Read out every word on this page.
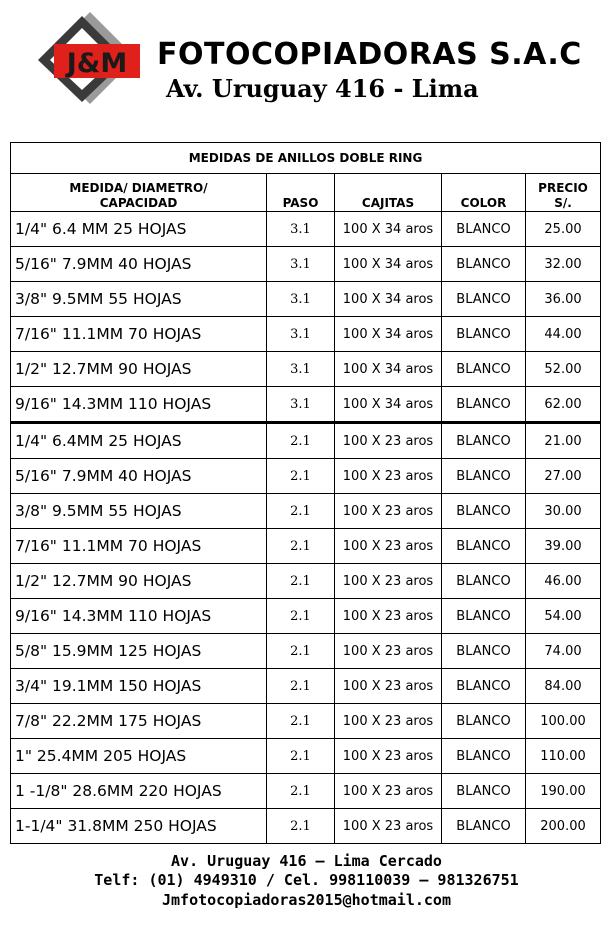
J&M FOTOCOPIADORAS S.A.C
Av. Uruguay 416 - Lima
MEDIDAS DE ANILLOS DOBLE RING				
MEDIDA/ DIAMETRO/
CAPACIDAD	PASO	CAJITAS	COLOR	PRECIO
S/.
1/4" 6.4 MM 25 HOJAS	3.1	100 X 34 aros	BLANCO	25.00
5/16" 7.9MM 40 HOJAS	3.1	100 X 34 aros	BLANCO	32.00
3/8" 9.5MM 55 HOJAS	3.1	100 X 34 aros	BLANCO	36.00
7/16" 11.1MM 70 HOJAS	3.1	100 X 34 aros	BLANCO	44.00
1/2" 12.7MM 90 HOJAS	3.1	100 X 34 aros	BLANCO	52.00
9/16" 14.3MM 110 HOJAS	3.1	100 X 34 aros	BLANCO	62.00
1/4" 6.4MM 25 HOJAS	2.1	100 X 23 aros	BLANCO	21.00
5/16" 7.9MM 40 HOJAS	2.1	100 X 23 aros	BLANCO	27.00
3/8" 9.5MM 55 HOJAS	2.1	100 X 23 aros	BLANCO	30.00
7/16" 11.1MM 70 HOJAS	2.1	100 X 23 aros	BLANCO	39.00
1/2" 12.7MM 90 HOJAS	2.1	100 X 23 aros	BLANCO	46.00
9/16" 14.3MM 110 HOJAS	2.1	100 X 23 aros	BLANCO	54.00
5/8" 15.9MM 125 HOJAS	2.1	100 X 23 aros	BLANCO	74.00
3/4" 19.1MM 150 HOJAS	2.1	100 X 23 aros	BLANCO	84.00
7/8" 22.2MM 175 HOJAS	2.1	100 X 23 aros	BLANCO	100.00
1" 25.4MM 205 HOJAS	2.1	100 X 23 aros	BLANCO	110.00
1 -1/8" 28.6MM 220 HOJAS	2.1	100 X 23 aros	BLANCO	190.00
1-1/4" 31.8MM 250 HOJAS	2.1	100 X 23 aros	BLANCO	200.00
Av. Uruguay 416 – Lima Cercado
Telf: (01) 4949310 / Cel. 998110039 – 981326751
Jmfotocopiadoras2015@hotmail.com
